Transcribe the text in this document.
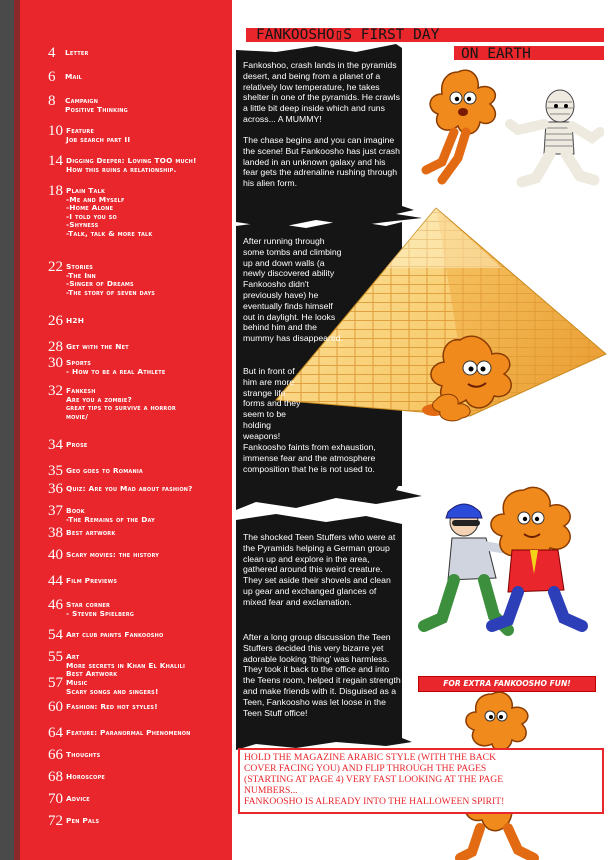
4	Letter
6	Mail
8	Campaign
Positive Thinking
10 Feature
Job search part II
14 Digging Deeper: Loving TOO much!
How this ruins a relationship.
18 Plain Talk
-Me and Myself
-Home Alone
-I told you so
-Shyness
-Talk, talk & more talk
22 Stories
-The Inn
-Singer of Dreams
-The story of seven days
26 H2H
28 Get with the Net
30 Sports
- How to be a real Athlete
32 Fankesh
Are you a zombie?
great tips to survive a horror
movie/
34 Prose
35 Geo goes to Romania
36 Quiz: Are you Mad about fashion?
37 Book
-The Remains of the Day
38 Best artwork
40 Scary movies: the history
44 Film Previews
46 Star corner
- Steven Spielberg
54 Art club paints Fankoosho
55 Art
More secrets in Khan El Khalili
Best Artwork
57 Music
Scary songs and singers!
60 Fashion: Red hot styles!
64 Feature: Paranormal Phenomenon
66 Thoughts
68 Horoscope
70 Advice
72 Pen Pals
FANKOOSHO▯S FIRST DAY
ON EARTH
Fankoshoo, crash lands in the pyramids desert, and being from a planet of a relatively low temperature, he takes shelter in one of the pyramids. He crawls a little bit deep inside which and runs across... A MUMMY!
The chase begins and you can imagine the scene! But Fankoosho has just crash landed in an unknown galaxy and his fear gets the adrenaline rushing through his alien form.
After running through some tombs and climbing up and down walls (a newly discovered ability Fankoosho didn't previously have) he eventually finds himself out in daylight. He looks behind him and the mummy has disappeared.
But in front of him are more strange life forms and they seem to be holding weapons!
Fankoosho faints from exhaustion, immense fear and the atmosphere composition that he is not used to.
The shocked Teen Stuffers who were at the Pyramids helping a German group clean up and explore in the area, gathered around this weird creature. They set aside their shovels and clean up gear and exchanged glances of mixed fear and exclamation.
After a long group discussion the Teen Stuffers decided this very bizarre yet adorable looking 'thing' was harmless. They took it back to the office and into the Teens room, helped it regain strength and make friends with it. Disguised as a Teen, Fankoosho was let loose in the Teen Stuff office!
FOR EXTRA FANKOOSHO FUN!
HOLD THE MAGAZINE ARABIC STYLE (WITH THE BACK
COVER FACING YOU) AND FLIP THROUGH THE PAGES
(STARTING AT PAGE 4) VERY FAST LOOKING AT THE PAGE
NUMBERS...
FANKOOSHO IS ALREADY INTO THE HALLOWEEN SPIRIT!
